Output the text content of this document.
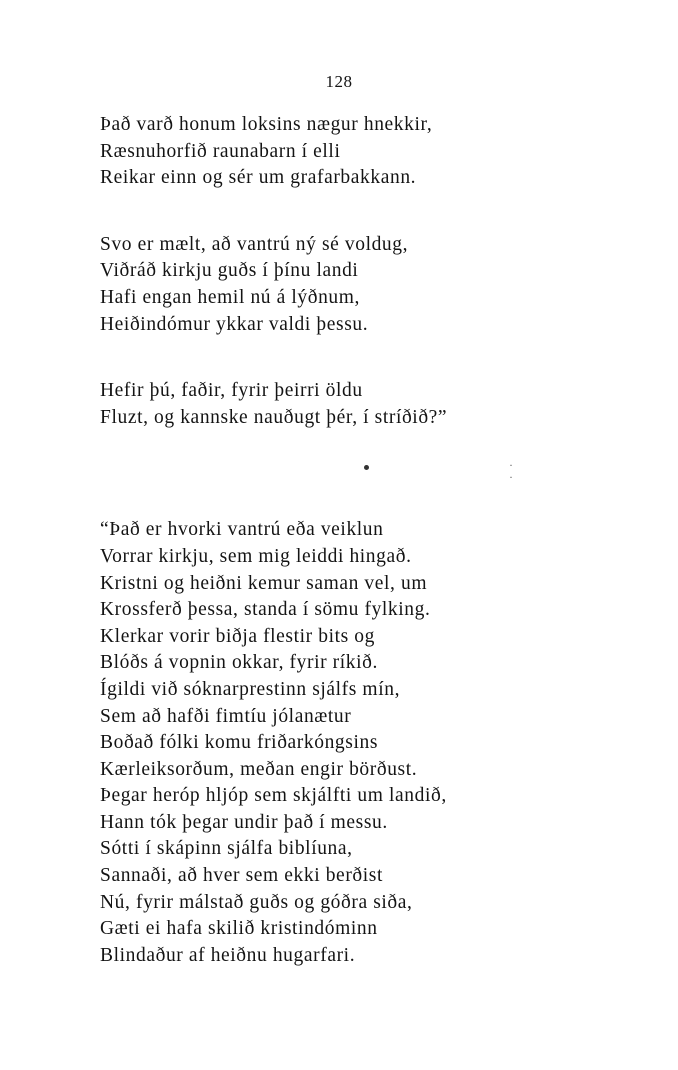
128
Það varð honum loksins nægur hnekkir,
Ræsnuhorfið raunabarn í elli
Reikar einn og sér um grafarbakkann.
Svo er mælt, að vantrú ný sé voldug,
Viðráð kirkju guðs í þínu landi
Hafi engan hemil nú á lýðnum,
Heiðindómur ykkar valdi þessu.
Hefir þú, faðir, fyrir þeirri öldu
Fluzt, og kannske nauðugt þér, í stríðið?”
·
·
“Það er hvorki vantrú eða veiklun
Vorrar kirkju, sem mig leiddi hingað.
Kristni og heiðni kemur saman vel, um
Krossferð þessa, standa í sömu fylking.
Klerkar vorir biðja flestir bits og
Blóðs á vopnin okkar, fyrir ríkið.
Ígildi við sóknarprestinn sjálfs mín,
Sem að hafði fimtíu jólanætur
Boðað fólki komu friðarkóngsins
Kærleiksorðum, meðan engir börðust.
Þegar heróp hljóp sem skjálfti um landið,
Hann tók þegar undir það í messu.
Sótti í skápinn sjálfa biblíuna,
Sannaði, að hver sem ekki berðist
Nú, fyrir málstað guðs og góðra siða,
Gæti ei hafa skilið kristindóminn
Blindaður af heiðnu hugarfari.
